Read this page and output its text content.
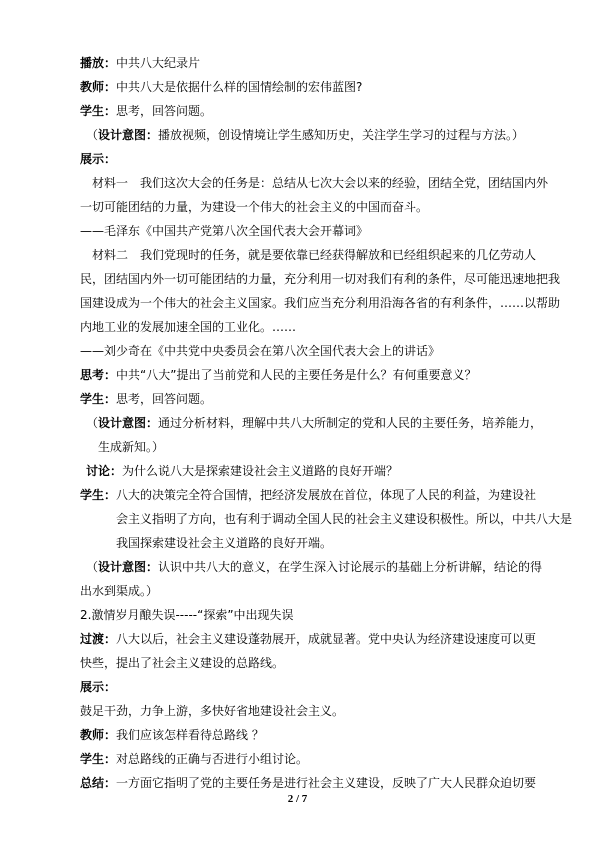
播放：中共八大纪录片
教师：中共八大是依据什么样的国情绘制的宏伟蓝图?
学生：思考，回答问题。
（设计意图：播放视频，创设情境让学生感知历史，关注学生学习的过程与方法。）
展示：
材料一　我们这次大会的任务是：总结从七次大会以来的经验，团结全党，团结国内外
一切可能团结的力量，为建设一个伟大的社会主义的中国而奋斗。
——毛泽东《中国共产党第八次全国代表大会开幕词》
材料二　我们党现时的任务，就是要依靠已经获得解放和已经组织起来的几亿劳动人
民，团结国内外一切可能团结的力量，充分利用一切对我们有利的条件，尽可能迅速地把我
国建设成为一个伟大的社会主义国家。我们应当充分利用沿海各省的有利条件，……以帮助
内地工业的发展加速全国的工业化。……
——刘少奇在《中共党中央委员会在第八次全国代表大会上的讲话》
思考：中共“八大”提出了当前党和人民的主要任务是什么？有何重要意义？
学生：思考，回答问题。
（设计意图：通过分析材料，理解中共八大所制定的党和人民的主要任务，培养能力，
生成新知。）
讨论：为什么说八大是探索建设社会主义道路的良好开端？
学生：八大的决策完全符合国情，把经济发展放在首位，体现了人民的利益，为建设社
会主义指明了方向，也有利于调动全国人民的社会主义建设积极性。所以，中共八大是
我国探索建设社会主义道路的良好开端。
（设计意图：认识中共八大的意义，在学生深入讨论展示的基础上分析讲解，结论的得
出水到渠成。）
2.激情岁月酿失误-----“探索”中出现失误
过渡：八大以后，社会主义建设蓬勃展开，成就显著。党中央认为经济建设速度可以更
快些，提出了社会主义建设的总路线。
展示：
鼓足干劲，力争上游，多快好省地建设社会主义。
教师：我们应该怎样看待总路线 ？
学生：对总路线的正确与否进行小组讨论。
总结：一方面它指明了党的主要任务是进行社会主义建设，反映了广大人民群众迫切要
2 / 7
